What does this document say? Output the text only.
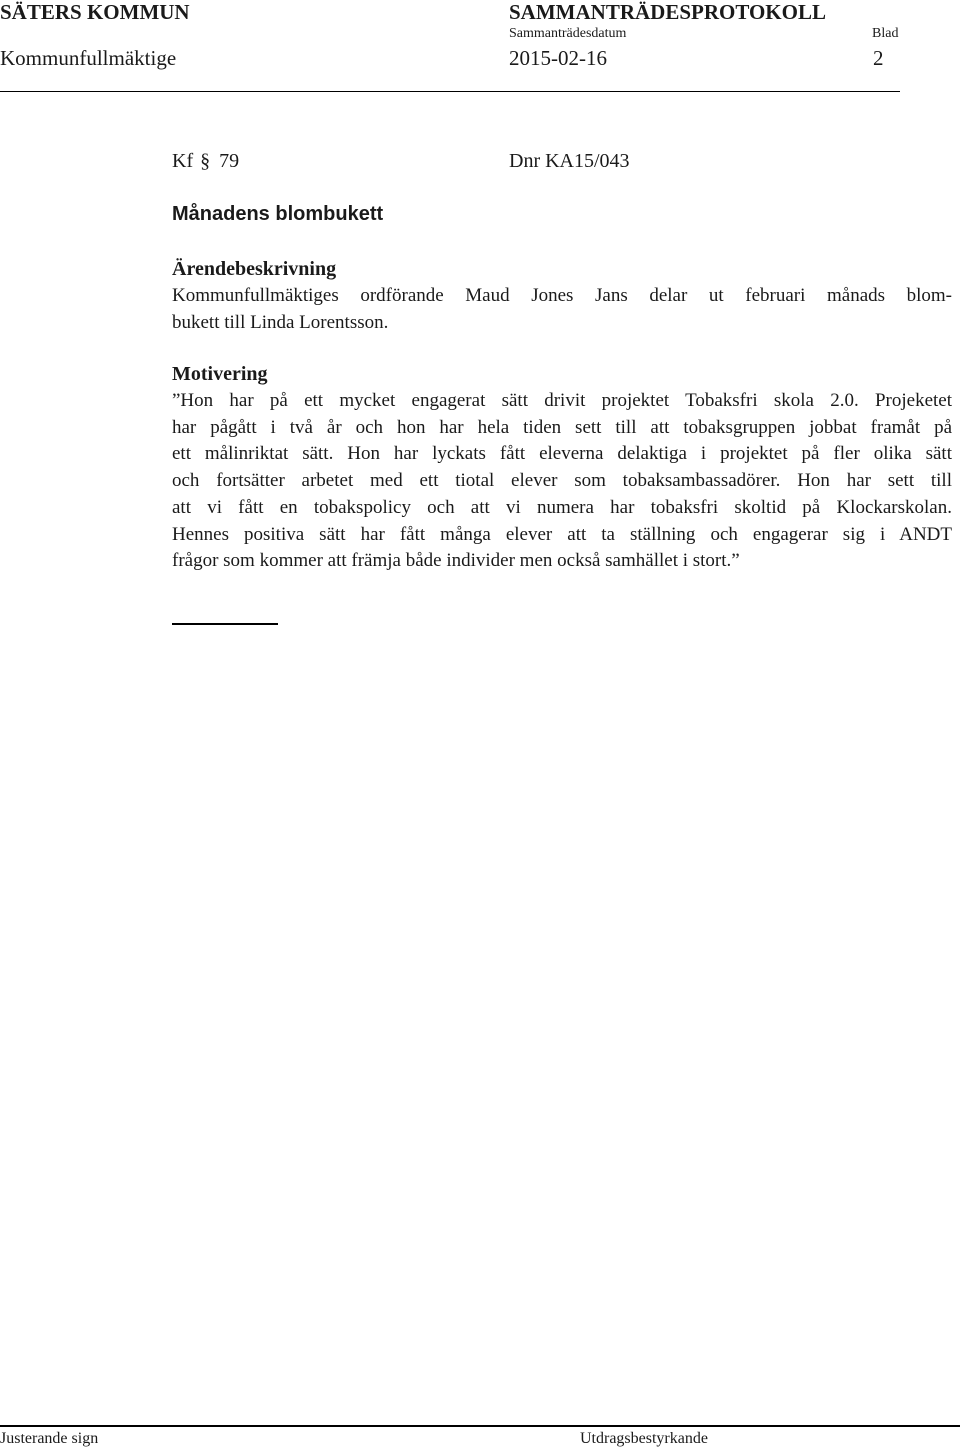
SÄTERS KOMMUN	SAMMANTRÄDESPROTOKOLL
Sammanträdesdatum	Blad
Kommunfullmäktige	2015-02-16	2
Kf § 79	Dnr KA15/043
Månadens blombukett
Ärendebeskrivning
Kommunfullmäktiges ordförande Maud Jones Jans delar ut februari månads blom-
bukett till Linda Lorentsson.
Motivering
”Hon har på ett mycket engagerat sätt drivit projektet Tobaksfri skola 2.0. Projeketet
har pågått i två år och hon har hela tiden sett till att tobaksgruppen jobbat framåt på
ett målinriktat sätt. Hon har lyckats fått eleverna delaktiga i projektet på fler olika sätt
och fortsätter arbetet med ett tiotal elever som tobaksambassadörer. Hon har sett till
att vi fått en tobakspolicy och att vi numera har tobaksfri skoltid på Klockarskolan.
Hennes positiva sätt har fått många elever att ta ställning och engagerar sig i ANDT
frågor som kommer att främja både individer men också samhället i stort.”
Justerande sign	Utdragsbestyrkande
